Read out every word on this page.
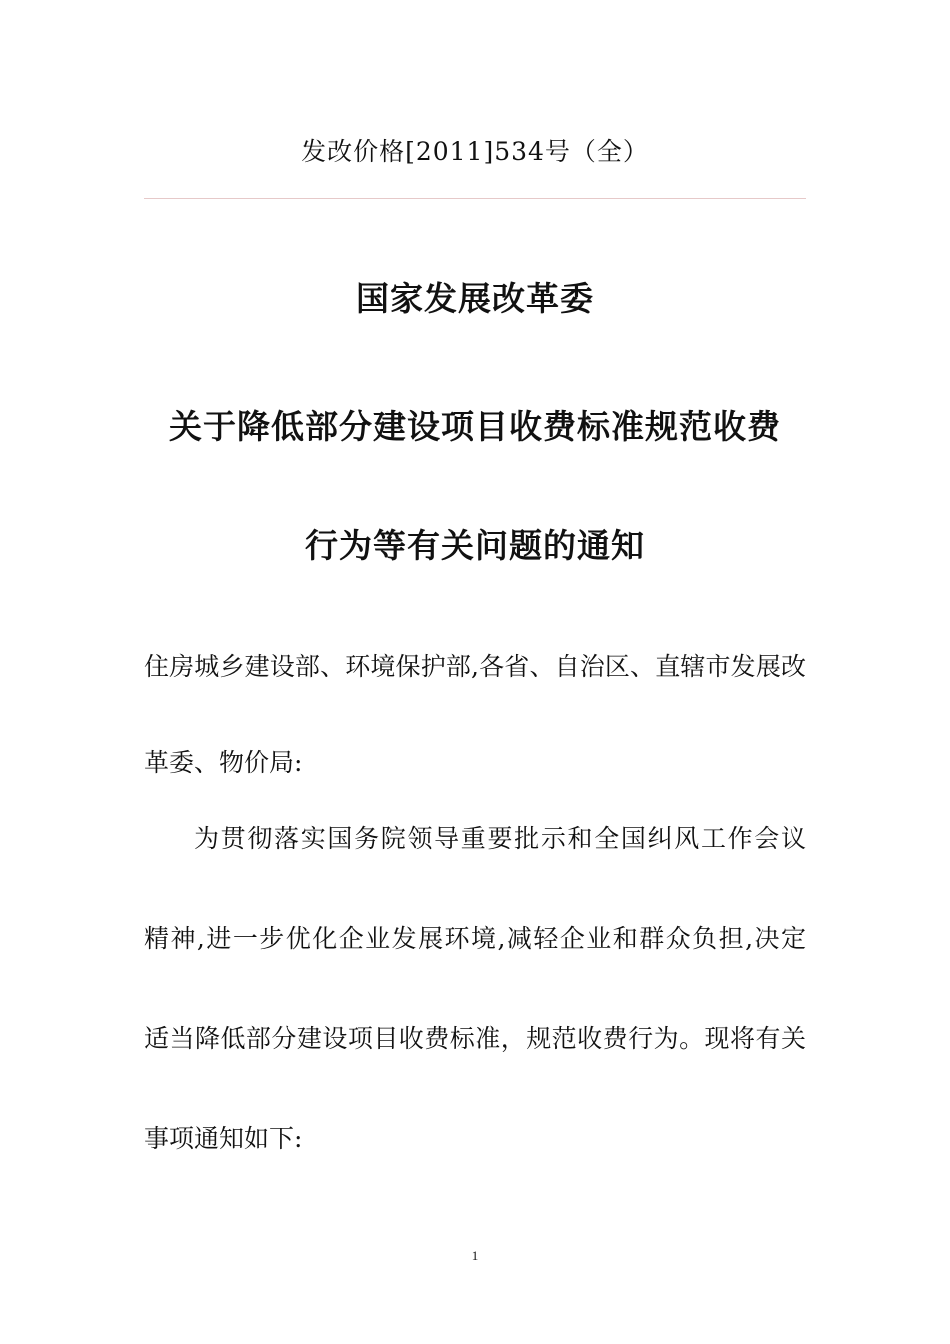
发改价格[2011]534号（全）
国家发展改革委
关于降低部分建设项目收费标准规范收费
行为等有关问题的通知
住房城乡建设部、环境保护部,各省、自治区、直辖市发展改
革委、物价局:
为贯彻落实国务院领导重要批示和全国纠风工作会议
精神,进一步优化企业发展环境,减轻企业和群众负担,决定
适当降低部分建设项目收费标准，规范收费行为。现将有关
事项通知如下:
1
